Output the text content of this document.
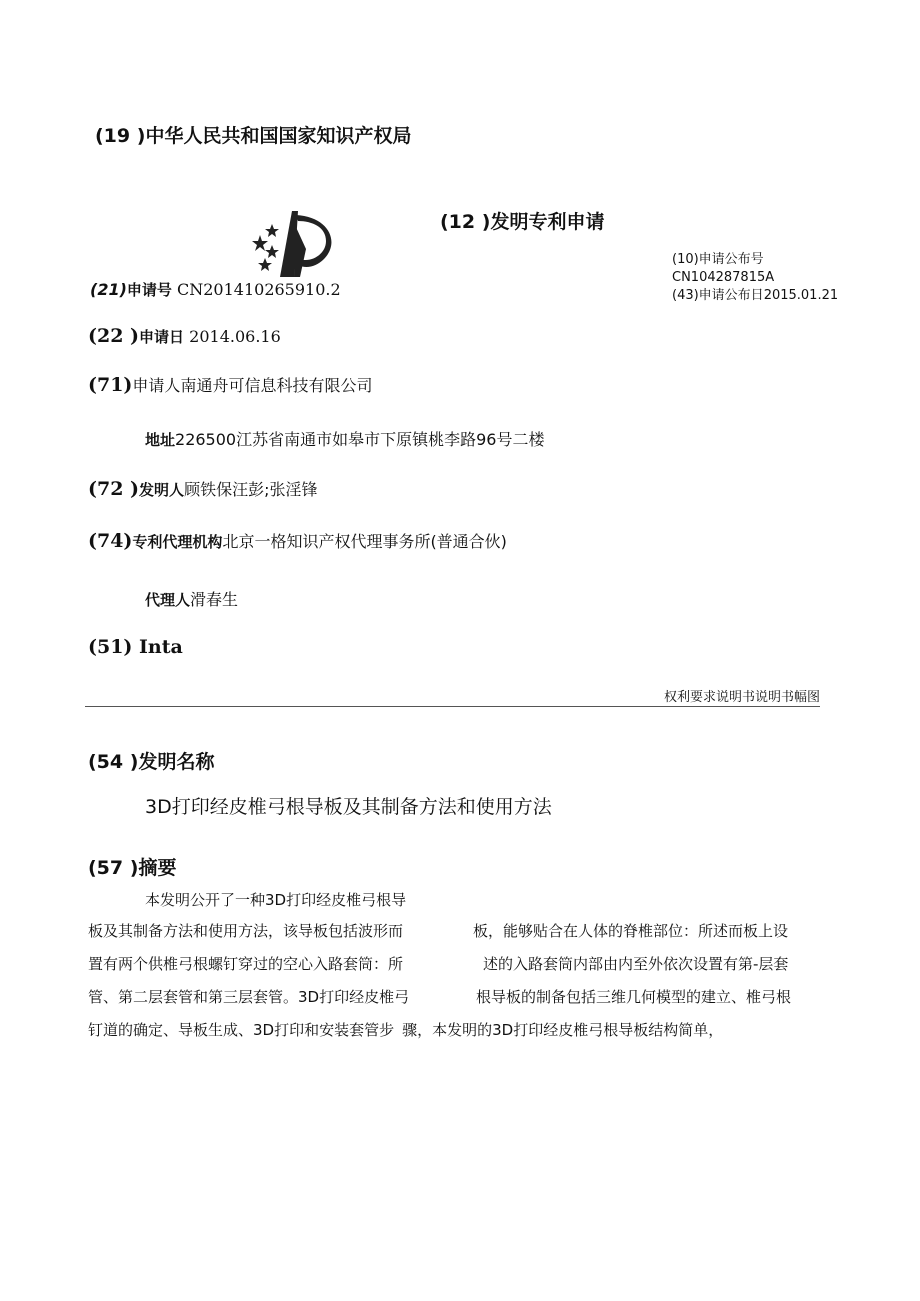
(19 )中华人民共和国国家知识产权局
(12 )发明专利申请
(10)申请公布号
CN104287815A
(43)申请公布日2015.01.21
(21)申请号 CN201410265910.2
(22 )申请日 2014.06.16
(71)申请人南通舟可信息科技有限公司
地址226500江苏省南通市如皋市下原镇桃李路96号二楼
(72 )发明人顾铁保汪彭;张淫锋
(74)专利代理机构北京一格知识产权代理事务所(普通合伙)
代理人滑春生
(51) Inta
权利要求说明书说明书幅图
(54 )发明名称
3D打印经皮椎弓根导板及其制备方法和使用方法
(57 )摘要
本发明公开了一种3D打印经皮椎弓根导
板及其制备方法和使用方法，该导板包括波形而	板，能够贴合在人体的脊椎部位：所述而板上设
置有两个供椎弓根螺钉穿过的空心入路套筒：所	述的入路套筒内部由内至外依次设置有第-层套
管、第二层套管和第三层套管。3D打印经皮椎弓	根导板的制备包括三维几何模型的建立、椎弓根
钉道的确定、导板生成、3D打印和安装套管步 骤，本发明的3D打印经皮椎弓根导板结构简单，
